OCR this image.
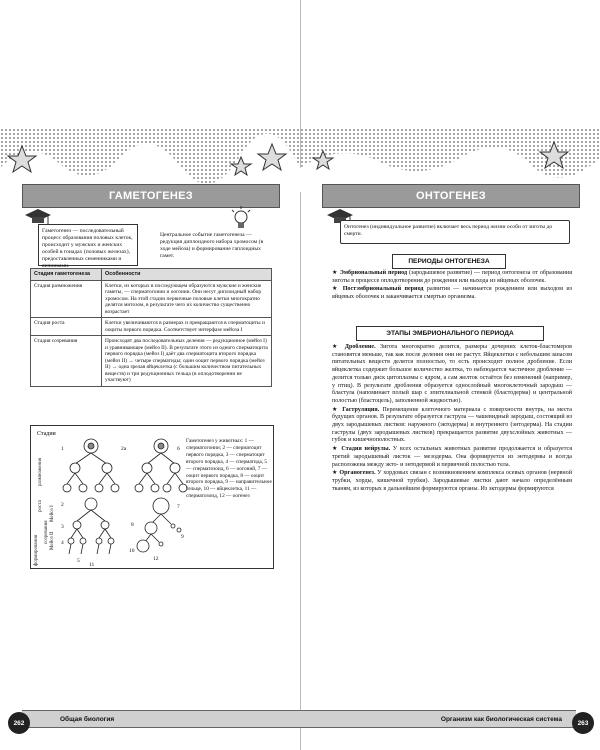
ГАМЕТОГЕНЕЗ
Гаметогенез — последовательный процесс образования половых клеток, происходит у мужских и женских особей в гонадах (половых железах), предоставленных семенниками и яичниками.
Центральное событие гаметогенеза — редукция диплоидного набора хромосом (в ходе мейоза) и формирование гаплоидных гамет.
Стадия гаметогенеза	Особенности
Стадия размножения	Клетки, из которых в последующем образуются мужские и женские гаметы, — сперматогонии и оогонии. Они несут диплоидный набор хромосом. На этой стадии первичные половые клетки многократно делятся митозом, в результате чего их количество существенно возрастает
Стадия роста	Клетки увеличиваются в размерах и превращаются в сперматоциты и ооциты первого порядка. Соответствует интерфазе мейоза I
Стадия созревания	Происходят два последовательных деления — редукционное (мейоз I) и уравнивающее (мейоз II). В результате этого из одного сперматоцита первого порядка (мейоз I) даёт два сперматоцита второго порядка (мейоз II) → четыре сперматиды; один ооцит первого порядка (мейоз II) → одна зрелая яйцеклетка (с большим количеством питательных веществ) и три редукционных тельца (в оплодотворении не участвуют)
Стадии
размножения
роста
созревания
формирования
Мейоз I
Мейоз II
1
2
2а
3
4
5
6
7
8
9
10
11
12
Гаметогенез у животных: 1 — сперматогонии; 2 — сперматоцит первого порядка, 3 — сперматоцит второго порядка, 4 — сперматида, 5 — сперматозоид, 6 — оогоний, 7 — ооцит первого порядка, 8 — ооцит второго порядка, 9 — направительное тельце, 10 — яйцеклетка, 11 — сперматозоид, 12 — оогенез
Общая биология
262
ОНТОГЕНЕЗ
Онтогенез (индивидуальное развитие) включает весь период жизни особи от зиготы до смерти.
ПЕРИОДЫ ОНТОГЕНЕЗА

★ Эмбриональный период (зародышевое развитие) — период онтогенеза от образования зиготы в процессе оплодотворения до рождения или выхода из яйцевых оболочек.

★ Постэмбриональный период развития — начинается рождением или выходом из яйцевых оболочек и заканчивается смертью организма.

ЭТАПЫ ЭМБРИОНАЛЬНОГО ПЕРИОДА

★ Дробление. Зигота многократно делится, размеры дочерних клеток-бластомеров становятся меньше, так как после деления они не растут. Яйцеклетки с небольшим запасом питательных веществ делятся полностью, то есть происходит полное дробление. Если яйцеклетка содержит большое количество желтка, то наблюдается частичное дробление — делится только диск цитоплазмы с ядром, а сам желток остаётся без изменений (например, у птиц). В результате дробления образуется однослойный многоклеточный зародыш — бластула (напоминает полый шар с эпителиальной стенкой (бластодерма) и центральной полостью (бластоцель), заполненной жидкостью).

★ Гаструляция. Перемещение клеточного материала с поверхности внутрь, на места будущих органов. В результате образуется гаструла — чашевидный зародыш, состоящий из двух зародышевых листков: наружного (эктодерма) и внутреннего (энтодерма). На стадии гаструлы (двух зародышевых листков) прекращается развитие двухслойных животных — губок и кишечнополостных.

★ Стадия нейрулы. У всех остальных животных развитие продолжается и образуется третий зародышевый листок — мезодерма. Она формируется из энтодермы и всегда расположена между экто- и энтодермой и первичной полостью тела.

★ Органогенез. У хордовых связан с возникновением комплекса осевых органов (нервной трубки, хорды, кишечной трубки). Зародышевые листки дают начало определённым тканям, из которых в дальнейшем формируются органы. Из эктодермы формируются

Организм как биологическая система
263
